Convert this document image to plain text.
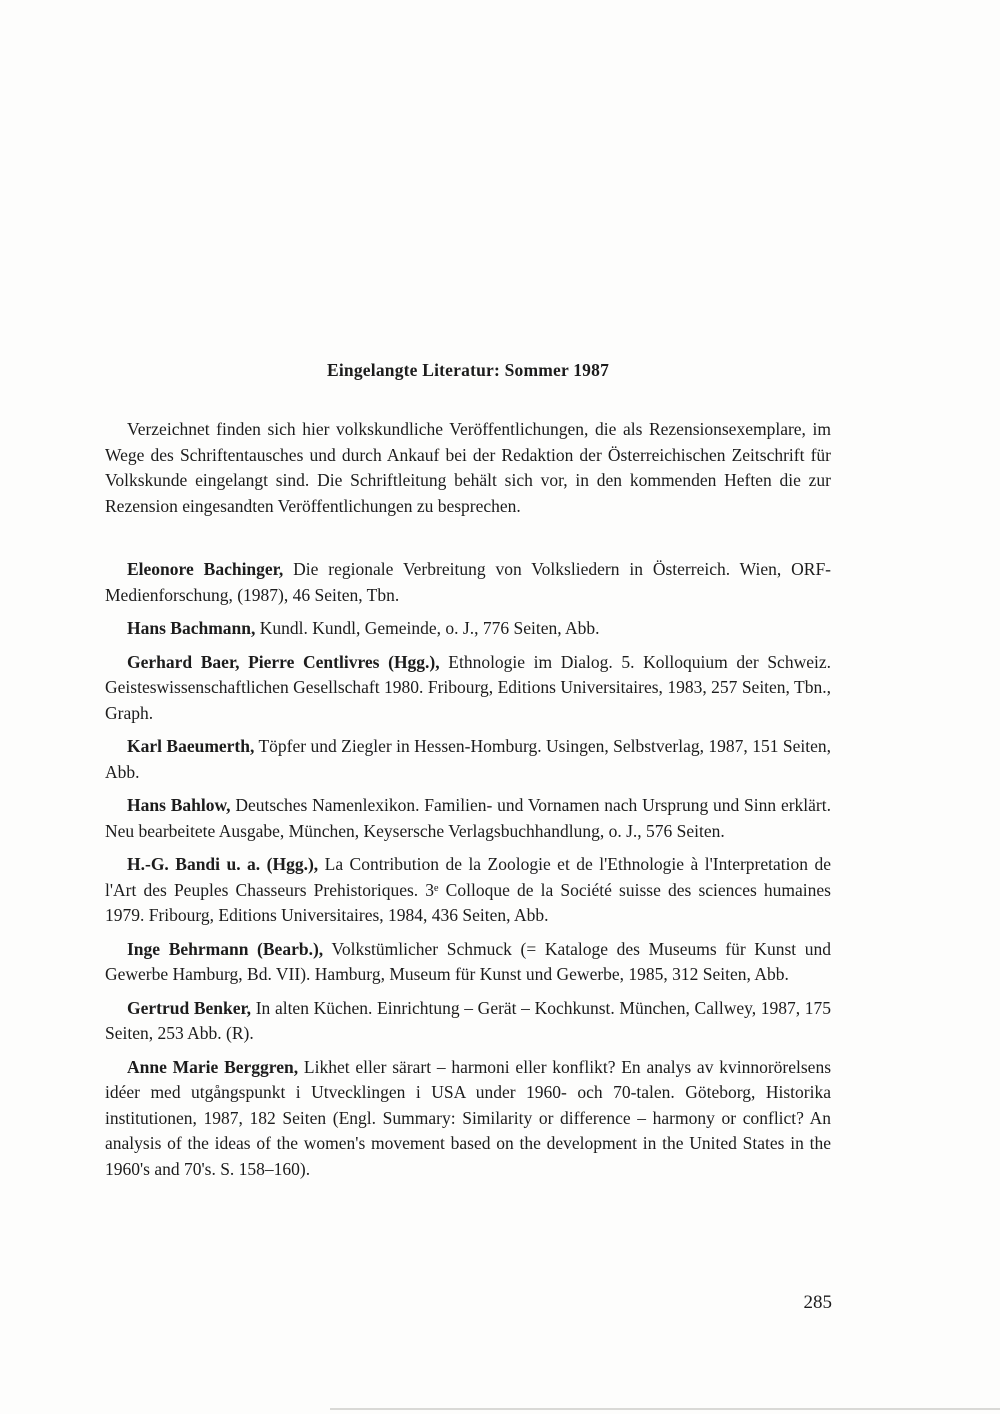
Eingelangte Literatur: Sommer 1987

Verzeichnet finden sich hier volkskundliche Veröffentlichungen, die als Rezensionsexemplare, im Wege des Schriftentausches und durch Ankauf bei der Redaktion der Österreichischen Zeitschrift für Volkskunde eingelangt sind. Die Schriftleitung behält sich vor, in den kommenden Heften die zur Rezension eingesandten Veröffentlichungen zu besprechen.

Eleonore Bachinger, Die regionale Verbreitung von Volksliedern in Österreich. Wien, ORF-Medienforschung, (1987), 46 Seiten, Tbn.

Hans Bachmann, Kundl. Kundl, Gemeinde, o. J., 776 Seiten, Abb.

Gerhard Baer, Pierre Centlivres (Hgg.), Ethnologie im Dialog. 5. Kolloquium der Schweiz. Geisteswissenschaftlichen Gesellschaft 1980. Fribourg, Editions Universitaires, 1983, 257 Seiten, Tbn., Graph.

Karl Baeumerth, Töpfer und Ziegler in Hessen-Homburg. Usingen, Selbstverlag, 1987, 151 Seiten, Abb.

Hans Bahlow, Deutsches Namenlexikon. Familien- und Vornamen nach Ursprung und Sinn erklärt. Neu bearbeitete Ausgabe, München, Keysersche Verlagsbuchhandlung, o. J., 576 Seiten.

H.-G. Bandi u. a. (Hgg.), La Contribution de la Zoologie et de l'Ethnologie à l'Interpretation de l'Art des Peuples Chasseurs Prehistoriques. 3ᵉ Colloque de la Société suisse des sciences humaines 1979. Fribourg, Editions Universitaires, 1984, 436 Seiten, Abb.

Inge Behrmann (Bearb.), Volkstümlicher Schmuck (= Kataloge des Museums für Kunst und Gewerbe Hamburg, Bd. VII). Hamburg, Museum für Kunst und Gewerbe, 1985, 312 Seiten, Abb.

Gertrud Benker, In alten Küchen. Einrichtung – Gerät – Kochkunst. München, Callwey, 1987, 175 Seiten, 253 Abb. (R).

Anne Marie Berggren, Likhet eller särart – harmoni eller konflikt? En analys av kvinnorörelsens idéer med utgångspunkt i Utvecklingen i USA under 1960- och 70-talen. Göteborg, Historika institutionen, 1987, 182 Seiten (Engl. Summary: Similarity or difference – harmony or conflict? An analysis of the ideas of the women's movement based on the development in the United States in the 1960's and 70's. S. 158–160).

285
